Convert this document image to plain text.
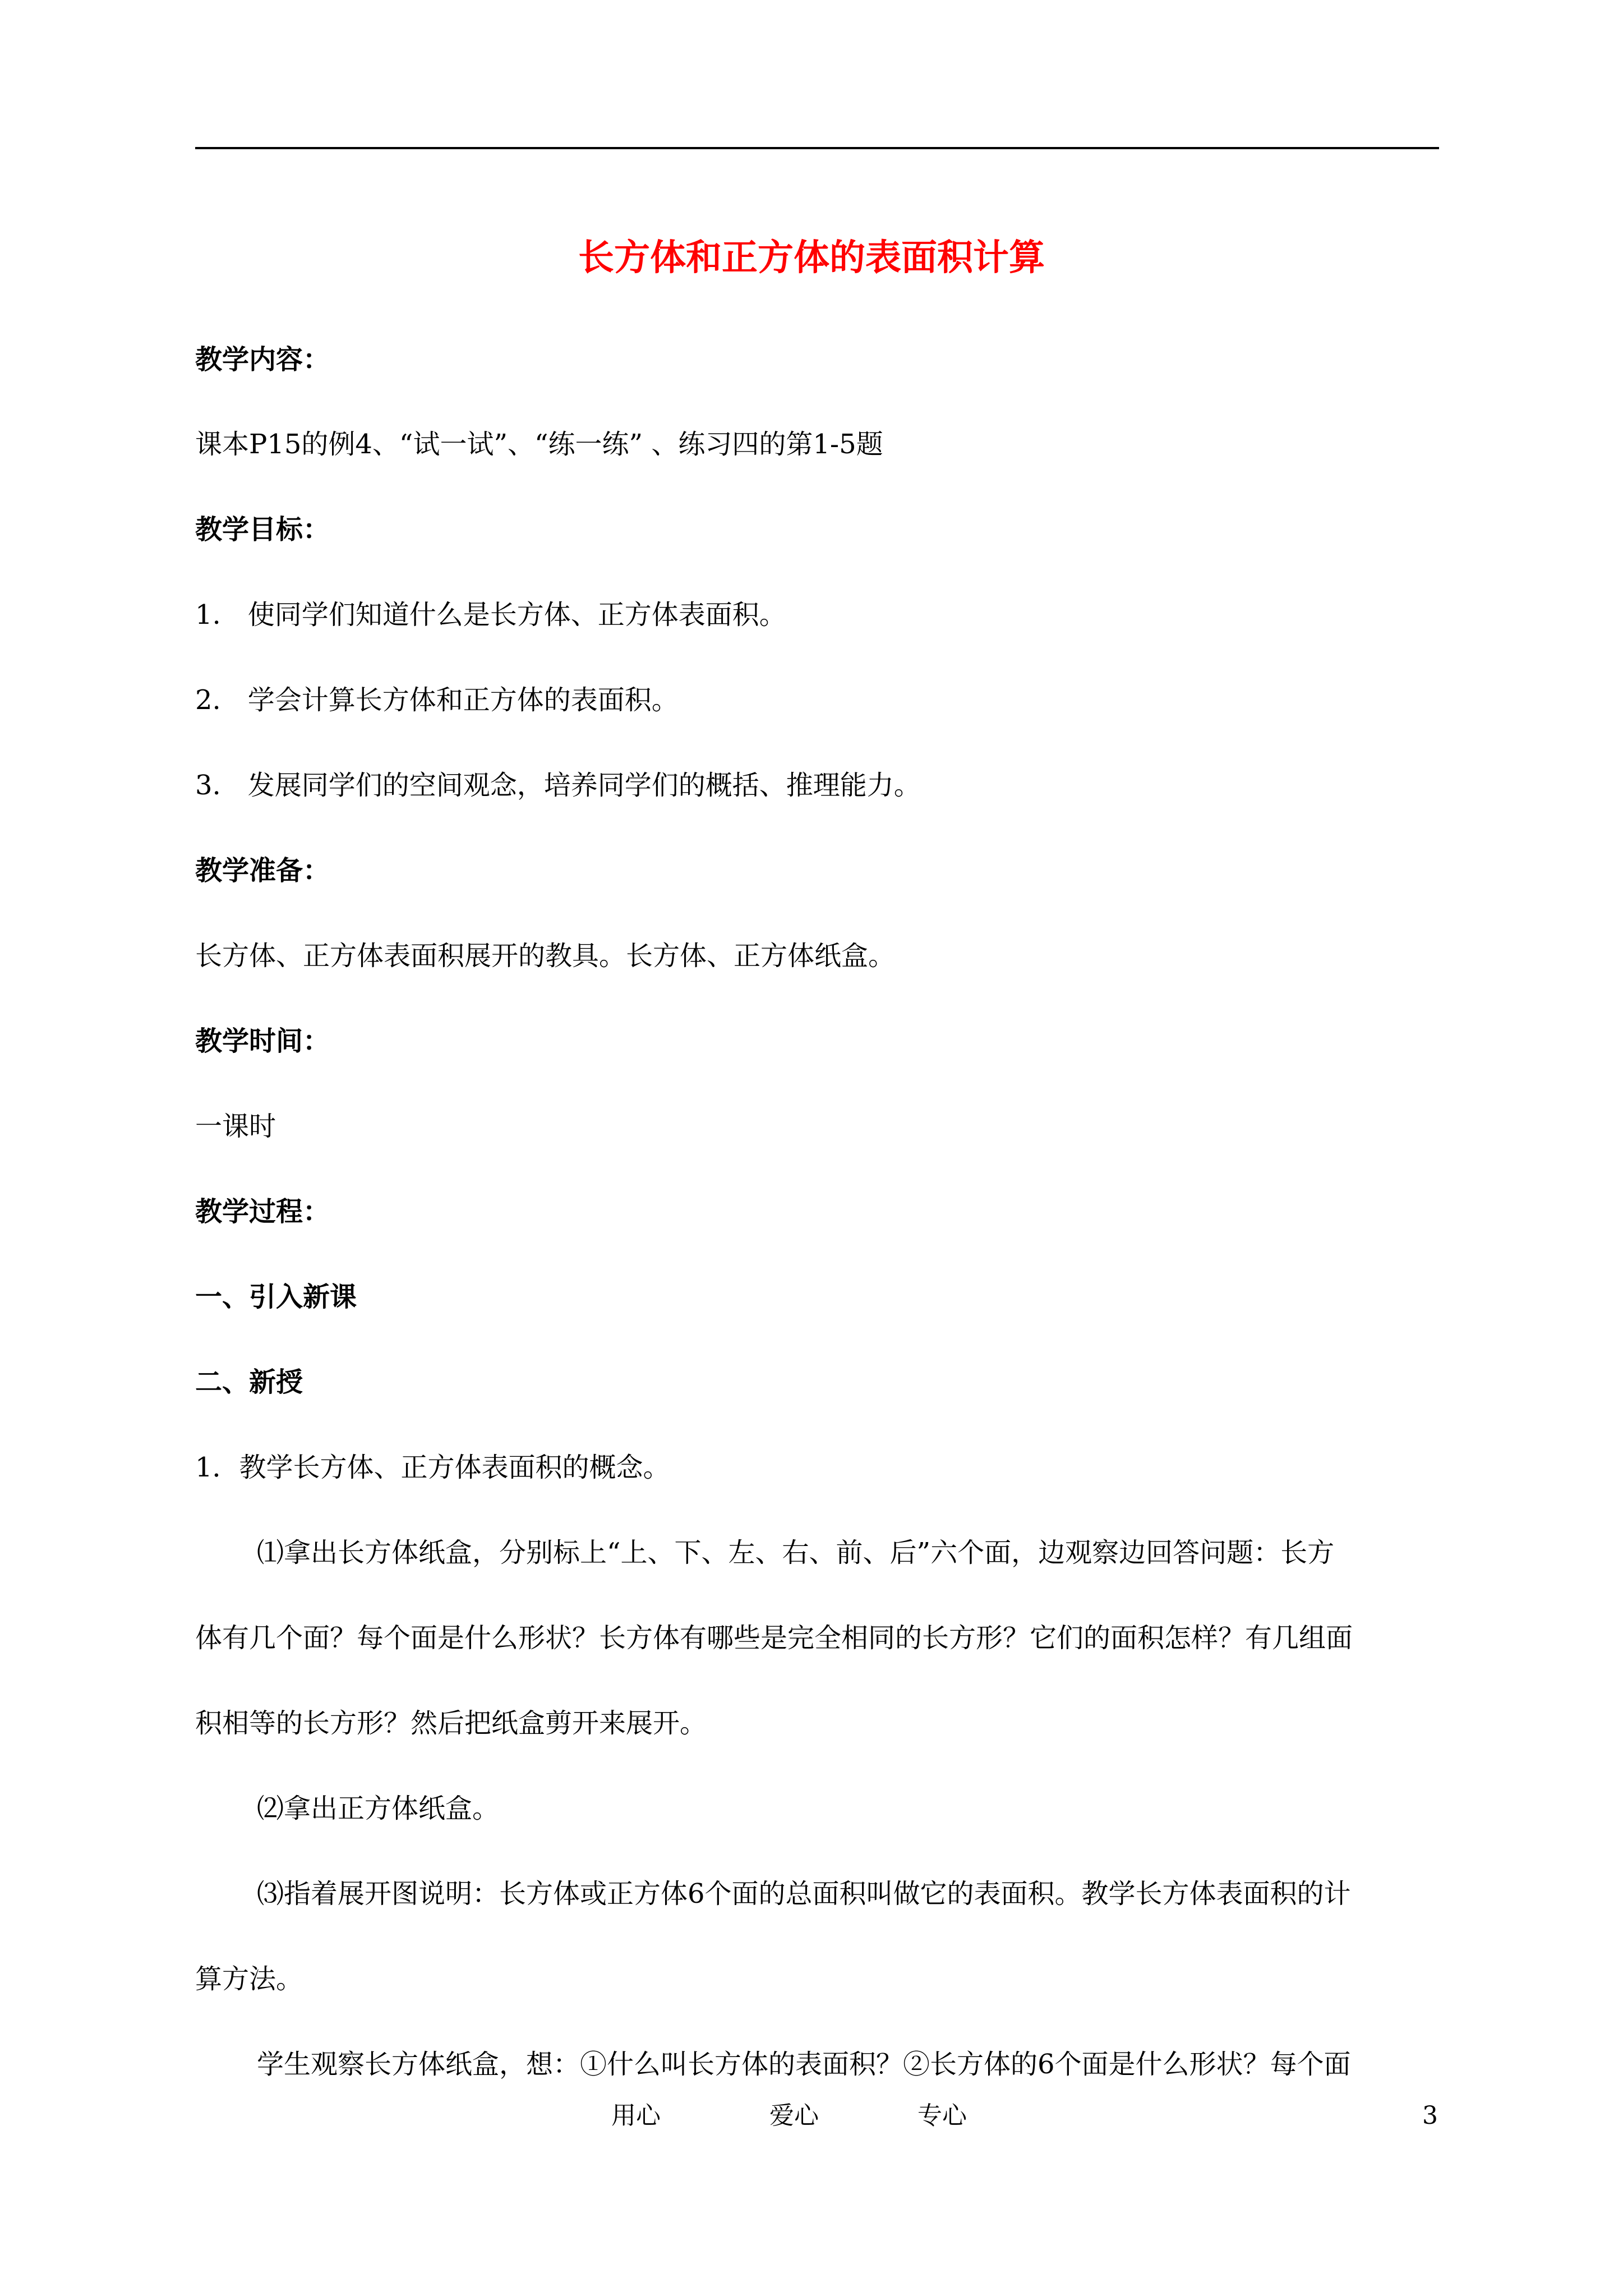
长方体和正方体的表面积计算
教学内容：
课本P15的例4、“试一试”、“练一练” 、练习四的第1-5题
教学目标：
1.　使同学们知道什么是长方体、正方体表面积。
2.　学会计算长方体和正方体的表面积。
3.　发展同学们的空间观念，培养同学们的概括、推理能力。
教学准备：
长方体、正方体表面积展开的教具。长方体、正方体纸盒。
教学时间：
一课时
教学过程：
一、引入新课
二、新授
1．教学长方体、正方体表面积的概念。
⑴拿出长方体纸盒，分别标上“上、下、左、右、前、后”六个面，边观察边回答问题：长方
体有几个面？每个面是什么形状？长方体有哪些是完全相同的长方形？它们的面积怎样？有几组面
积相等的长方形？然后把纸盒剪开来展开。
⑵拿出正方体纸盒。
⑶指着展开图说明：长方体或正方体6个面的总面积叫做它的表面积。教学长方体表面积的计
算方法。
学生观察长方体纸盒，想：①什么叫长方体的表面积？②长方体的6个面是什么形状？每个面
用心	爱心	专心	3
